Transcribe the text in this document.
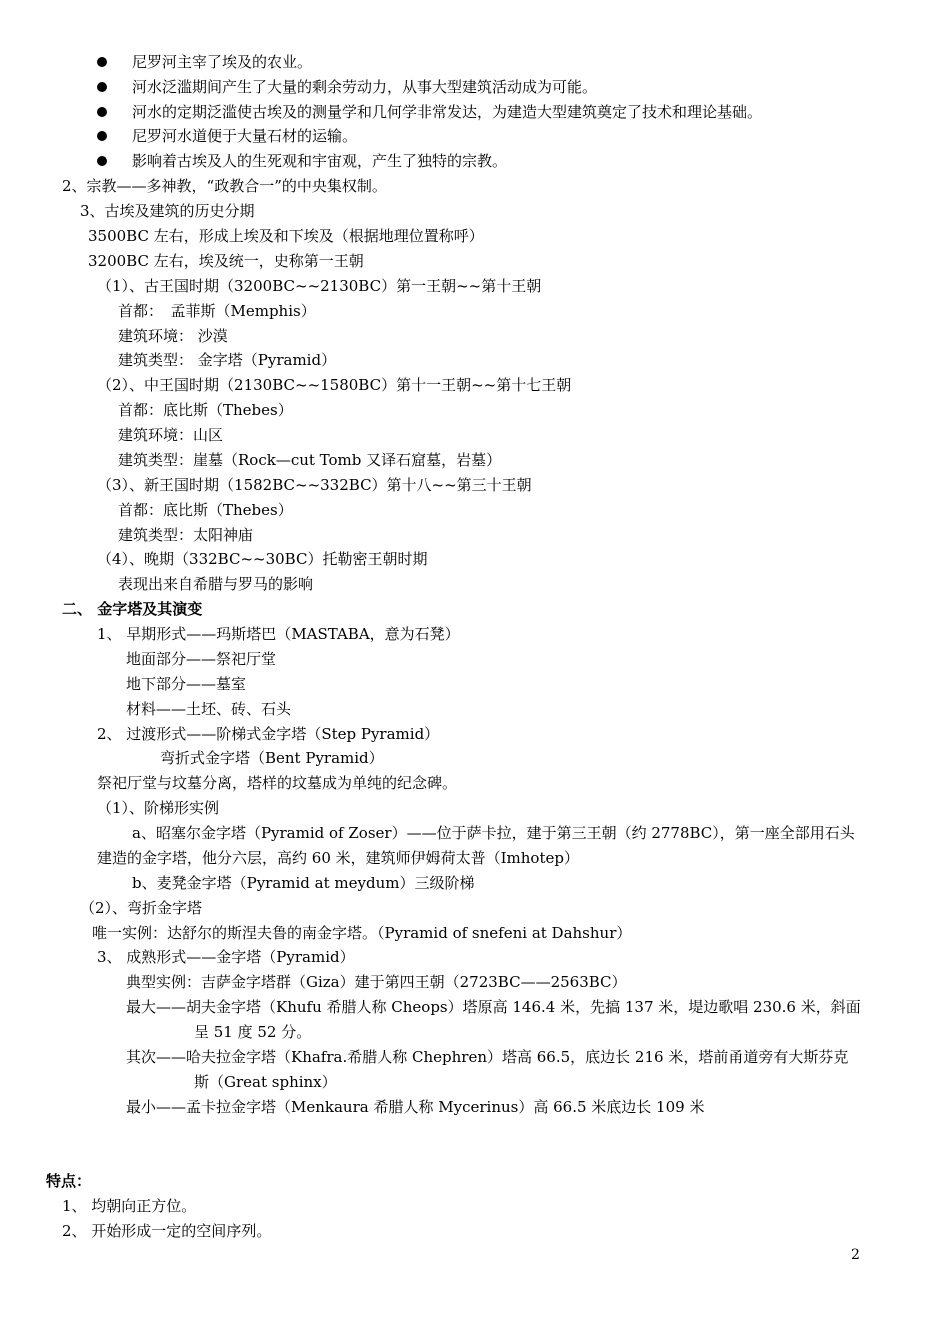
尼罗河主宰了埃及的农业。
河水泛滥期间产生了大量的剩余劳动力，从事大型建筑活动成为可能。
河水的定期泛滥使古埃及的测量学和几何学非常发达，为建造大型建筑奠定了技术和理论基础。
尼罗河水道便于大量石材的运输。
影响着古埃及人的生死观和宇宙观，产生了独特的宗教。
2、宗教——多神教，“政教合一”的中央集权制。
3、古埃及建筑的历史分期
3500BC 左右，形成上埃及和下埃及（根据地理位置称呼）
3200BC 左右，埃及统一，史称第一王朝
（1）、古王国时期（3200BC~~2130BC）第一王朝~~第十王朝
首都：　孟菲斯（Memphis）
建筑环境： 沙漠
建筑类型： 金字塔（Pyramid）
（2）、中王国时期（2130BC~~1580BC）第十一王朝~~第十七王朝
首都：底比斯（Thebes）
建筑环境：山区
建筑类型：崖墓（Rock—cut Tomb 又译石窟墓，岩墓）
（3）、新王国时期（1582BC~~332BC）第十八~~第三十王朝
首都：底比斯（Thebes）
建筑类型：太阳神庙
（4）、晚期（332BC~~30BC）托勒密王朝时期
表现出来自希腊与罗马的影响
二、 金字塔及其演变
1、 早期形式——玛斯塔巴（MASTABA，意为石凳）
地面部分——祭祀厅堂
地下部分——墓室
材料——土坯、砖、石头
2、 过渡形式——阶梯式金字塔（Step Pyramid）
弯折式金字塔（Bent Pyramid）
祭祀厅堂与坟墓分离，塔样的坟墓成为单纯的纪念碑。
（1）、阶梯形实例
a、昭塞尔金字塔（Pyramid of Zoser）——位于萨卡拉，建于第三王朝（约 2778BC），第一座全部用石头
建造的金字塔，他分六层，高约 60 米，建筑师伊姆荷太普（Imhotep）
b、麦凳金字塔（Pyramid at meydum）三级阶梯
（2）、弯折金字塔
唯一实例：达舒尔的斯涅夫鲁的南金字塔。（Pyramid of snefeni at Dahshur）
3、 成熟形式——金字塔（Pyramid）
典型实例：吉萨金字塔群（Giza）建于第四王朝（2723BC——2563BC）
最大——胡夫金字塔（Khufu 希腊人称 Cheops）塔原高 146.4 米，先搞 137 米，堤边歌唱 230.6 米，斜面
呈 51 度 52 分。
其次——哈夫拉金字塔（Khafra.希腊人称 Chephren）塔高 66.5，底边长 216 米，塔前甬道旁有大斯芬克
斯（Great sphinx）
最小——孟卡拉金字塔（Menkaura 希腊人称 Mycerinus）高 66.5 米底边长 109 米
特点：
1、 均朝向正方位。
2、 开始形成一定的空间序列。
2
